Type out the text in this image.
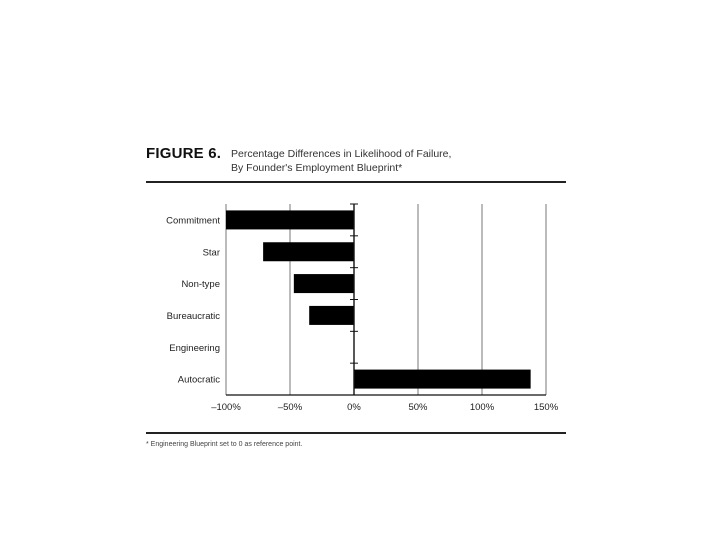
FIGURE 6. Percentage Differences in Likelihood of Failure,
By Founder's Employment Blueprint*
Commitment
Star
Non-type
Bureaucratic
Engineering
Autocratic
–100%	–50%	0%	50%	100%	150%
* Engineering Blueprint set to 0 as reference point.
